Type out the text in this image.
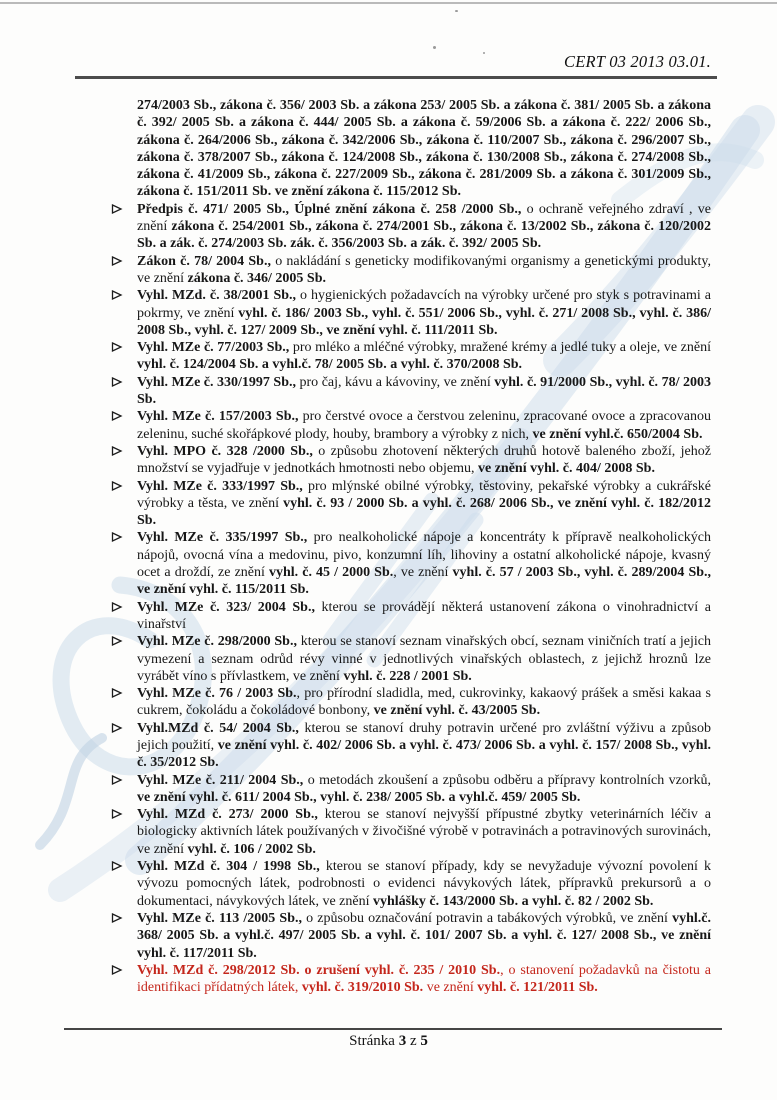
CERT 03 2013 03.01.
274/2003 Sb., zákona č. 356/ 2003 Sb. a zákona 253/ 2005 Sb. a zákona č. 381/ 2005 Sb. a zákona č. 392/ 2005 Sb. a zákona č. 444/ 2005 Sb. a zákona č. 59/2006 Sb. a zákona č. 222/ 2006 Sb., zákona č. 264/2006 Sb., zákona č. 342/2006 Sb., zákona č. 110/2007 Sb., zákona č. 296/2007 Sb., zákona č. 378/2007 Sb., zákona č. 124/2008 Sb., zákona č. 130/2008 Sb., zákona č. 274/2008 Sb., zákona č. 41/2009 Sb., zákona č. 227/2009 Sb., zákona č. 281/2009 Sb. a zákona č. 301/2009 Sb., zákona č. 151/2011 Sb. ve znění zákona č. 115/2012 Sb.
Předpis č. 471/ 2005 Sb., Úplné znění zákona č. 258 /2000 Sb., o ochraně veřejného zdraví , ve znění zákona č. 254/2001 Sb., zákona č. 274/2001 Sb., zákona č. 13/2002 Sb., zákona č. 120/2002 Sb. a zák. č. 274/2003 Sb. zák. č. 356/2003 Sb. a zák. č. 392/ 2005 Sb.
Zákon č. 78/ 2004 Sb., o nakládání s geneticky modifikovanými organismy a genetickými produkty, ve znění zákona č. 346/ 2005 Sb.
Vyhl. MZd. č. 38/2001 Sb., o hygienických požadavcích na výrobky určené pro styk s potravinami a pokrmy, ve znění vyhl. č. 186/ 2003 Sb., vyhl. č. 551/ 2006 Sb., vyhl. č. 271/ 2008 Sb., vyhl. č. 386/ 2008 Sb., vyhl. č. 127/ 2009 Sb., ve znění vyhl. č. 111/2011 Sb.
Vyhl. MZe č. 77/2003 Sb., pro mléko a mléčné výrobky, mražené krémy a jedlé tuky a oleje, ve znění vyhl. č. 124/2004 Sb. a vyhl.č. 78/ 2005 Sb. a vyhl. č. 370/2008 Sb.
Vyhl. MZe č. 330/1997 Sb., pro čaj, kávu a kávoviny, ve znění vyhl. č. 91/2000 Sb., vyhl. č. 78/ 2003 Sb.
Vyhl. MZe č. 157/2003 Sb., pro čerstvé ovoce a čerstvou zeleninu, zpracované ovoce a zpracovanou zeleninu, suché skořápkové plody, houby, brambory a výrobky z nich, ve znění vyhl.č. 650/2004 Sb.
Vyhl. MPO č. 328 /2000 Sb., o způsobu zhotovení některých druhů hotově baleného zboží, jehož množství se vyjadřuje v jednotkách hmotnosti nebo objemu, ve znění vyhl. č. 404/ 2008 Sb.
Vyhl. MZe č. 333/1997 Sb., pro mlýnské obilné výrobky, těstoviny, pekařské výrobky a cukrářské výrobky a těsta, ve znění vyhl. č. 93 / 2000 Sb. a vyhl. č. 268/ 2006 Sb., ve znění vyhl. č. 182/2012 Sb.
Vyhl. MZe č. 335/1997 Sb., pro nealkoholické nápoje a koncentráty k přípravě nealkoholických nápojů, ovocná vína a medovinu, pivo, konzumní líh, lihoviny a ostatní alkoholické nápoje, kvasný ocet a droždí, ze znění vyhl. č. 45 / 2000 Sb., ve znění vyhl. č. 57 / 2003 Sb., vyhl. č. 289/2004 Sb., ve znění vyhl. č. 115/2011 Sb.
Vyhl. MZe č. 323/ 2004 Sb., kterou se provádějí některá ustanovení zákona o vinohradnictví a vinařství
Vyhl. MZe č. 298/2000 Sb., kterou se stanoví seznam vinařských obcí, seznam viničních tratí a jejich vymezení a seznam odrůd révy vinné v jednotlivých vinařských oblastech, z jejichž hroznů lze vyrábět víno s přívlastkem, ve znění vyhl. č. 228 / 2001 Sb.
Vyhl. MZe č. 76 / 2003 Sb., pro přírodní sladidla, med, cukrovinky, kakaový prášek a směsi kakaa s cukrem, čokoládu a čokoládové bonbony, ve znění vyhl. č. 43/2005 Sb.
Vyhl.MZd č. 54/ 2004 Sb., kterou se stanoví druhy potravin určené pro zvláštní výživu a způsob jejich použití, ve znění vyhl. č. 402/ 2006 Sb. a vyhl. č. 473/ 2006 Sb. a vyhl. č. 157/ 2008 Sb., vyhl. č. 35/2012 Sb.
Vyhl. MZe č. 211/ 2004 Sb., o metodách zkoušení a způsobu odběru a přípravy kontrolních vzorků, ve znění vyhl. č. 611/ 2004 Sb., vyhl. č. 238/ 2005 Sb. a vyhl.č. 459/ 2005 Sb.
Vyhl. MZd č. 273/ 2000 Sb., kterou se stanoví nejvyšší přípustné zbytky veterinárních léčiv a biologicky aktivních látek používaných v živočišné výrobě v potravinách a potravinových surovinách, ve znění vyhl. č. 106 / 2002 Sb.
Vyhl. MZd č. 304 / 1998 Sb., kterou se stanoví případy, kdy se nevyžaduje vývozní povolení k vývozu pomocných látek, podrobnosti o evidenci návykových látek, přípravků prekursorů a o dokumentaci, návykových látek, ve znění vyhlášky č. 143/2000 Sb. a vyhl. č. 82 / 2002 Sb.
Vyhl. MZe č. 113 /2005 Sb., o způsobu označování potravin a tabákových výrobků, ve znění vyhl.č. 368/ 2005 Sb. a vyhl.č. 497/ 2005 Sb. a vyhl. č. 101/ 2007 Sb. a vyhl. č. 127/ 2008 Sb., ve znění vyhl. č. 117/2011 Sb.
Vyhl. MZd č. 298/2012 Sb. o zrušení vyhl. č. 235 / 2010 Sb., o stanovení požadavků na čistotu a identifikaci přídatných látek, vyhl. č. 319/2010 Sb. ve znění vyhl. č. 121/2011 Sb.
Stránka 3 z 5
